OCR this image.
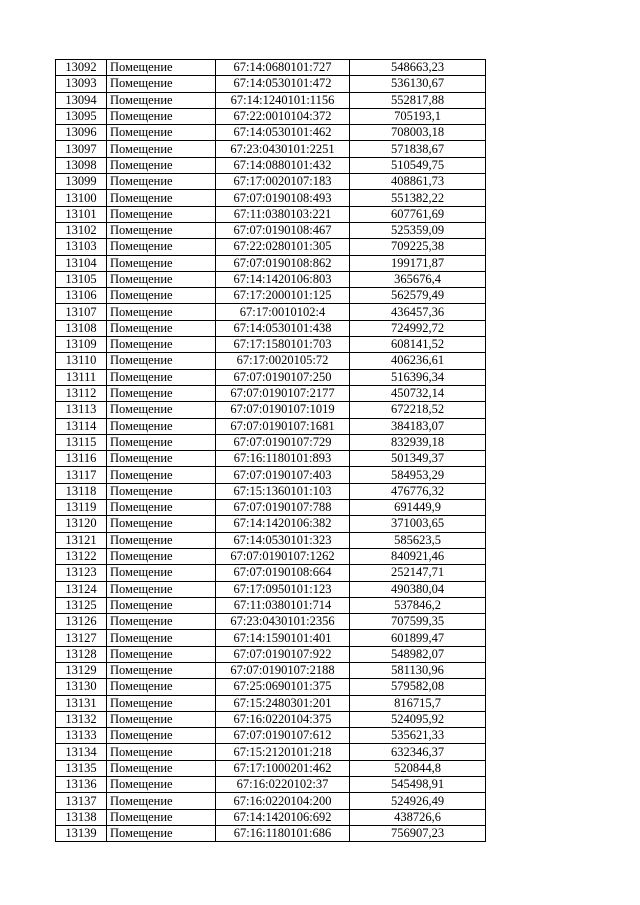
13092	Помещение	67:14:0680101:727	548663,23
13093	Помещение	67:14:0530101:472	536130,67
13094	Помещение	67:14:1240101:1156	552817,88
13095	Помещение	67:22:0010104:372	705193,1
13096	Помещение	67:14:0530101:462	708003,18
13097	Помещение	67:23:0430101:2251	571838,67
13098	Помещение	67:14:0880101:432	510549,75
13099	Помещение	67:17:0020107:183	408861,73
13100	Помещение	67:07:0190108:493	551382,22
13101	Помещение	67:11:0380103:221	607761,69
13102	Помещение	67:07:0190108:467	525359,09
13103	Помещение	67:22:0280101:305	709225,38
13104	Помещение	67:07:0190108:862	199171,87
13105	Помещение	67:14:1420106:803	365676,4
13106	Помещение	67:17:2000101:125	562579,49
13107	Помещение	67:17:0010102:4	436457,36
13108	Помещение	67:14:0530101:438	724992,72
13109	Помещение	67:17:1580101:703	608141,52
13110	Помещение	67:17:0020105:72	406236,61
13111	Помещение	67:07:0190107:250	516396,34
13112	Помещение	67:07:0190107:2177	450732,14
13113	Помещение	67:07:0190107:1019	672218,52
13114	Помещение	67:07:0190107:1681	384183,07
13115	Помещение	67:07:0190107:729	832939,18
13116	Помещение	67:16:1180101:893	501349,37
13117	Помещение	67:07:0190107:403	584953,29
13118	Помещение	67:15:1360101:103	476776,32
13119	Помещение	67:07:0190107:788	691449,9
13120	Помещение	67:14:1420106:382	371003,65
13121	Помещение	67:14:0530101:323	585623,5
13122	Помещение	67:07:0190107:1262	840921,46
13123	Помещение	67:07:0190108:664	252147,71
13124	Помещение	67:17:0950101:123	490380,04
13125	Помещение	67:11:0380101:714	537846,2
13126	Помещение	67:23:0430101:2356	707599,35
13127	Помещение	67:14:1590101:401	601899,47
13128	Помещение	67:07:0190107:922	548982,07
13129	Помещение	67:07:0190107:2188	581130,96
13130	Помещение	67:25:0690101:375	579582,08
13131	Помещение	67:15:2480301:201	816715,7
13132	Помещение	67:16:0220104:375	524095,92
13133	Помещение	67:07:0190107:612	535621,33
13134	Помещение	67:15:2120101:218	632346,37
13135	Помещение	67:17:1000201:462	520844,8
13136	Помещение	67:16:0220102:37	545498,91
13137	Помещение	67:16:0220104:200	524926,49
13138	Помещение	67:14:1420106:692	438726,6
13139	Помещение	67:16:1180101:686	756907,23
